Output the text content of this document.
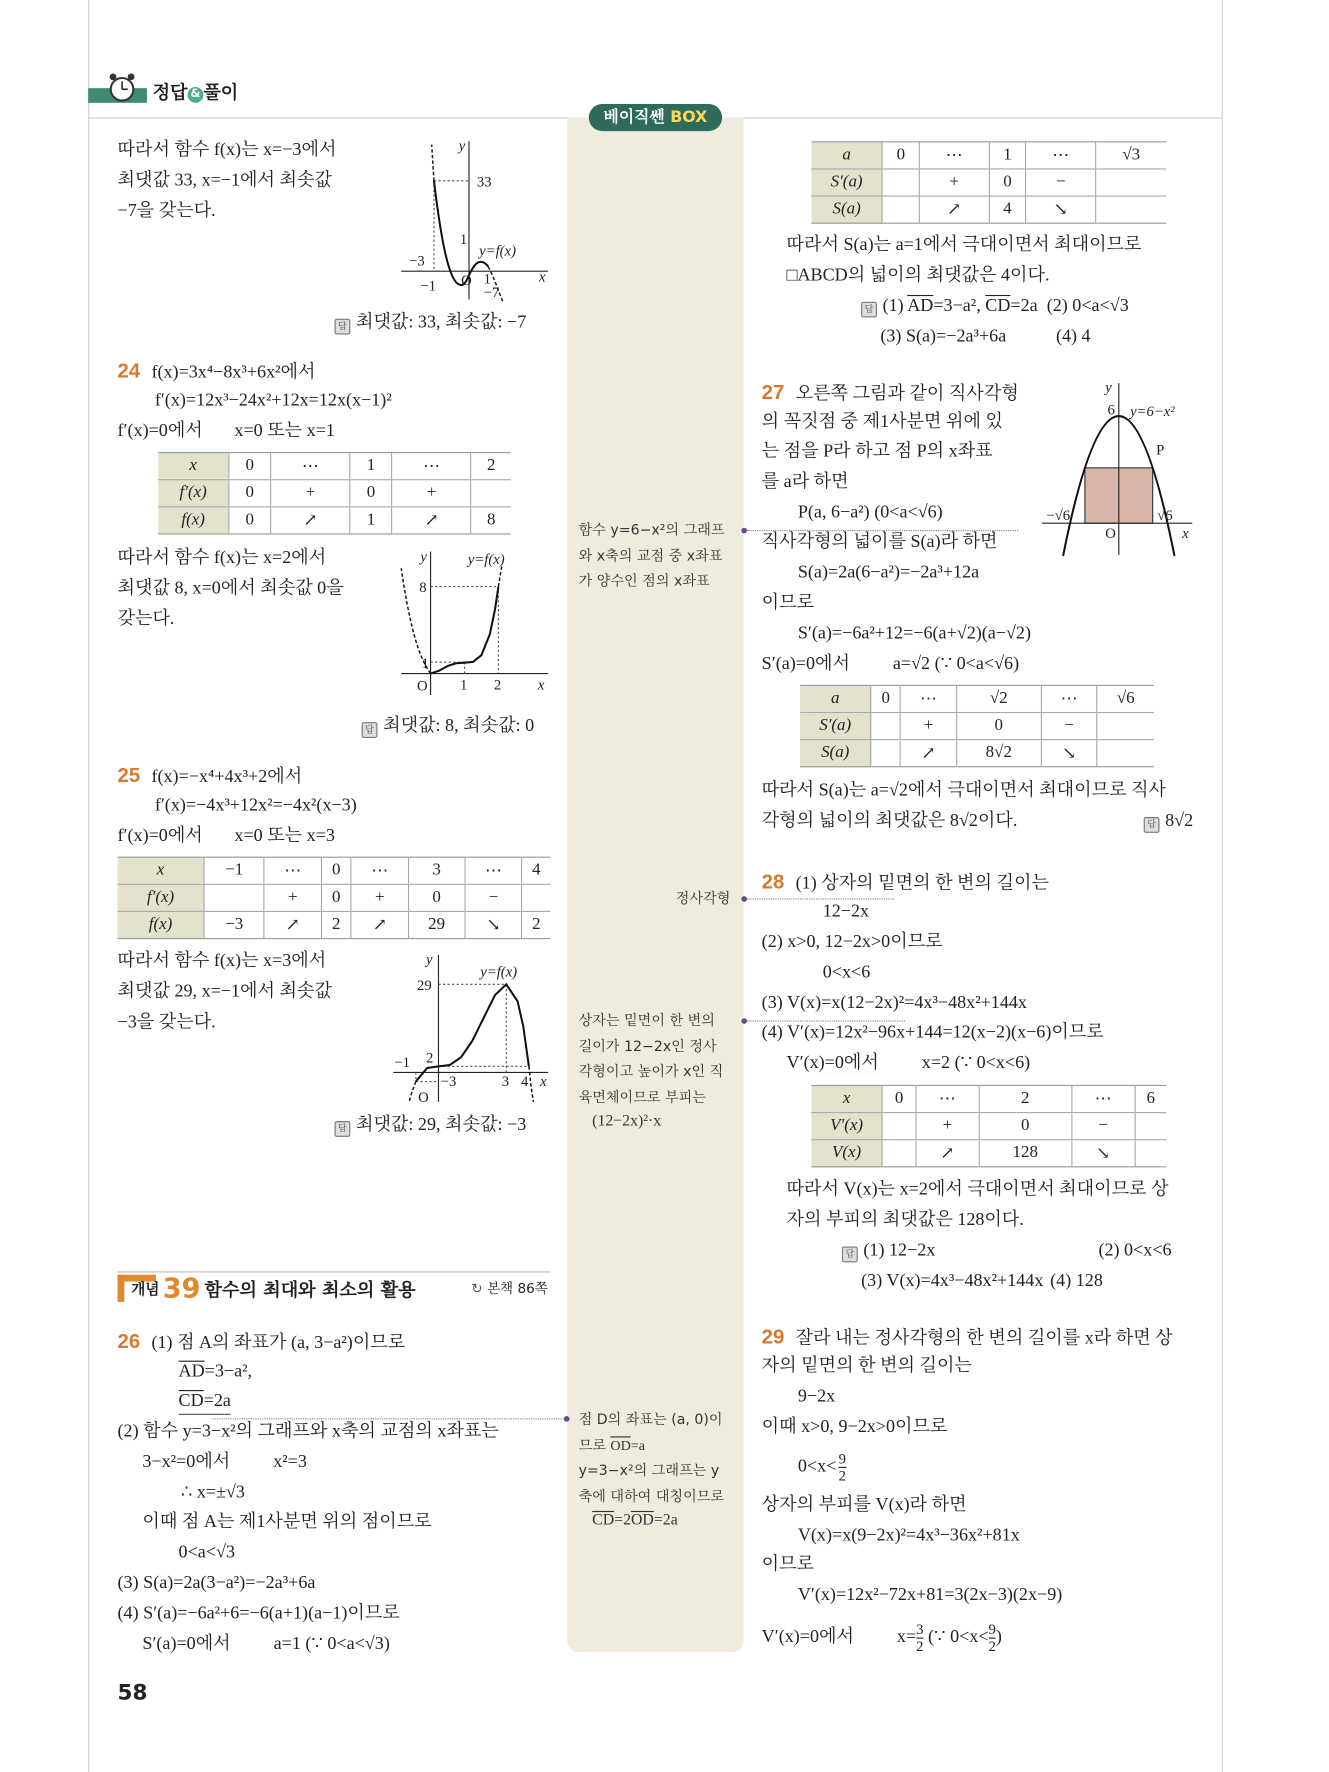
정답 & 풀이
베이직쎈 BOX
함수 y=6−x²의 그래프
와 x축의 교점 중 x좌표
가 양수인 점의 x좌표
정사각형
상자는 밑면이 한 변의
길이가 12−2x인 정사
각형이고 높이가 x인 직
육면체이므로 부피는
(12−2x)²·x
점 D의 좌표는 (a, 0)이
므로 $\overline{OD}=a$
y=3−x²의 그래프는 y
축에 대하여 대칭이므로
$\overline{CD}=2\overline{OD}=2a$
따라서 함수 f(x)는 x=−3에서
최댓값 33, x=−1에서 최솟값
−7을 갖는다.
y
33
1
y=f(x)
−3
−1 O 1
−7
x
답 최댓값: 33, 최솟값: −7
24 f(x)=3x⁴−8x³+6x²에서
f′(x)=12x³−24x²+12x=12x(x−1)²
f′(x)=0에서 x=0 또는 x=1
x	0	⋯	1	⋯	2
f′(x)	0	+	0	+	
f(x)	0	↗	1	↗	8
따라서 함수 f(x)는 x=2에서
최댓값 8, x=0에서 최솟값 0을
갖는다.
y	y=f(x)
8
1
O 1 2	x
답 최댓값: 8, 최솟값: 0
25 f(x)=−x⁴+4x³+2에서
f′(x)=−4x³+12x²=−4x²(x−3)
f′(x)=0에서 x=0 또는 x=3
x	−1	⋯	0	⋯	3	⋯	4
f′(x)		+	0	+	0	−	
f(x)	−3	↗	2	↗	29	↘	2
따라서 함수 f(x)는 x=3에서
최댓값 29, x=−1에서 최솟값
−3을 갖는다.
y
y=f(x)
29
2
−1
−3
O
3 4 x
답 최댓값: 29, 최솟값: −3
개념 39 함수의 최대와 최소의 활용	↻ 본책 86쪽
26 (1) 점 A의 좌표가 (a, 3−a²)이므로
$\overline{AD}=3-a^2$,
$\overline{CD}=2a$
(2) 함수 y=3−x²의 그래프와 x축의 교점의 x좌표는
3−x²=0에서	x²=3
∴ x=±√3
이때 점 A는 제1사분면 위의 점이므로
0<a<√3
(3) S(a)=2a(3−a²)=−2a³+6a
(4) S′(a)=−6a²+6=−6(a+1)(a−1)이므로
S′(a)=0에서	a=1 (∵ 0<a<√3)
58
a	0	⋯	1	⋯	√3
S′(a)		+	0	−	
S(a)		↗	4	↘	
따라서 S(a)는 a=1에서 극대이면서 최대이므로
□ABCD의 넓이의 최댓값은 4이다.
답 (1) $\overline{AD}=3-a^2$, $\overline{CD}=2a$ (2) 0<a<√3
(3) S(a)=−2a³+6a	(4) 4
27 오른쪽 그림과 같이 직사각형
의 꼭짓점 중 제1사분면 위에 있
는 점을 P라 하고 점 P의 x좌표
를 a라 하면
P(a, 6−a²) (0<a<√6)
직사각형의 넓이를 S(a)라 하면
S(a)=2a(6−a²)=−2a³+12a
이므로
S′(a)=−6a²+12=−6(a+√2)(a−√2)
S′(a)=0에서	a=√2 (∵ 0<a<√6)
y
6 y=6−x²
P
−√6	√6
O	x
a	0	⋯	√2	⋯	√6
S′(a)		+	0	−	
S(a)		↗	8√2	↘	
따라서 S(a)는 a=√2에서 극대이면서 최대이므로 직사
각형의 넓이의 최댓값은 8√2이다.	답 8√2
28 (1) 상자의 밑면의 한 변의 길이는
12−2x
(2) x>0, 12−2x>0이므로
0<x<6
(3) V(x)=x(12−2x)²=4x³−48x²+144x
(4) V′(x)=12x²−96x+144=12(x−2)(x−6)이므로
V′(x)=0에서	x=2 (∵ 0<x<6)
x	0	⋯	2	⋯	6
V′(x)		+	0	−	
V(x)		↗	128	↘	
따라서 V(x)는 x=2에서 극대이면서 최대이므로 상
자의 부피의 최댓값은 128이다.
답 (1) 12−2x	(2) 0<x<6
(3) V(x)=4x³−48x²+144x (4) 128
29 잘라 내는 정사각형의 한 변의 길이를 x라 하면 상
자의 밑면의 한 변의 길이는
9−2x
이때 x>0, 9−2x>0이므로
$0<x< \frac{9}{2}$
상자의 부피를 V(x)라 하면
V(x)=x(9−2x)²=4x³−36x²+81x
이므로
V′(x)=12x²−72x+81=3(2x−3)(2x−9)
V′(x)=0에서	$x= \frac{3}{2}$ (∵ $0<x< \frac{9}{2}$ )
